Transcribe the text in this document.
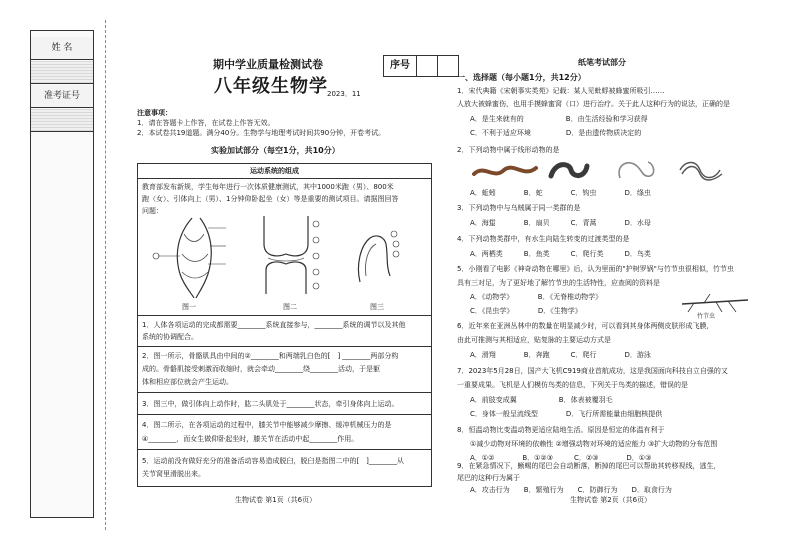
姓 名
准考证号
期中学业质量检测试卷
八年级生物学 2023．11
序号
注意事项：
1．请在答题卡上作答，在试卷上作答无效。
2．本试卷共19道题。满分40分。生物学与地理考试时间共90分钟，开卷考试。
实验加试部分（每空1分，共10分）
运动系统的组成
教育部发布新规，学生每年进行一次体质健康测试，其中1000米跑（男）、800米
跑（女）、引体向上（男）、1分钟仰卧起坐（女）等是重要的测试项目。请据图回答
问题：
图一	图二	图三
1．人体各项运动的完成都需要________系统直接参与，________系统的调节以及其他
系统的协调配合。
2．图一所示，骨骼肌具由中间的②________和两端乳白色的[　] ________两部分构
成的。骨骼肌接受刺激而收缩时，就会牵动________绕________活动，于是躯
体和相应部位就会产生运动。
3．图三中，做引体向上动作时，肱二头肌处于________状态，牵引身体向上运动。
4．图二所示，在各项运动的过程中，膝关节中能够减少摩擦、缓冲机械压力的是
④________，而女生做仰卧起坐时，膝关节在活动中起________作用。
5．运动前没有做好充分的准备活动容易造成脱臼，脱臼是指图二中的[　]________从
关节窝里滑脱出来。
生物试卷 第1页（共6页）
纸笔考试部分
一、选择题（每小题1分，共12分）
1．宋代典籍《宋朝事实类苑》记载：某人见蚍蜉被蜂蜜所吸引……
人放大被蜂蜜伤，也用手摸蜂蜜窝（口）进行治疗。关于此人这种行为的说法，正确的是
A．是生来就有的　　　　　　B．由生活经验和学习获得
C．不利于适应环境　　　　　D．是由遗传物质决定的
2．下列动物中属于线形动物的是
A．蚯蚓　　　　B．蛇　　　　C．钩虫　　　　D．绦虫
3．下列动物中与乌贼属于同一类群的是
A．海蜇　　　　B．扇贝　　　C．青蒿　　　　D．水母
4．下列动物类群中，有水生向陆生转变的过渡类型的是
A．两栖类　　　B．鱼类　　　C．爬行类　　　D．鸟类
5．小刚看了电影《神奇动物在哪里》后，认为里面的"护树罗锅"与竹节虫很相似，竹节虫
具有三对足，为了更好地了解竹节虫的生活特性，应查阅的资料是
A．《动物学》　　　　B．《无脊椎动物学》
C．《昆虫学》　　　　D．《生物学》
6．近年来在亚洲丛林中的数量在明显减少时，可以看到其身体两侧皮肤形成飞膜，
由此可推测与其相适应，贴复脉的主要运动方式是
A．滑翔　　　　B．奔跑　　　C．爬行　　　　D．游泳
7．2023年5月28日，国产大飞机C919商业首航成功，这是我国面向科技自立自强的又
一重要成果。飞机是人们模仿鸟类的信息，下列关于鸟类的描述，错误的是
A．前肢变成翼　　　　　　B．体表被覆羽毛
C．身体一般呈流线型　　　　D．飞行所需能量由细胞核提供
8．恒温动物比变温动物更适应陆地生活。原因是恒定的体温有利于
①减少动物对环境的依赖性 ②增强动物对环境的适应能力 ③扩大动物的分布范围
A．①②　　　　B．①②③　　　C．②③　　　　D．①③
9．在紧急情况下，蜥蜴的尾巴会自动断落，断掉的尾巴可以帮助其转移视线，逃生，
尾巴的这种行为属于
A．攻击行为　　B．繁殖行为　　C．防御行为　　D．取食行为
竹节虫
生物试卷 第2页（共6页）
